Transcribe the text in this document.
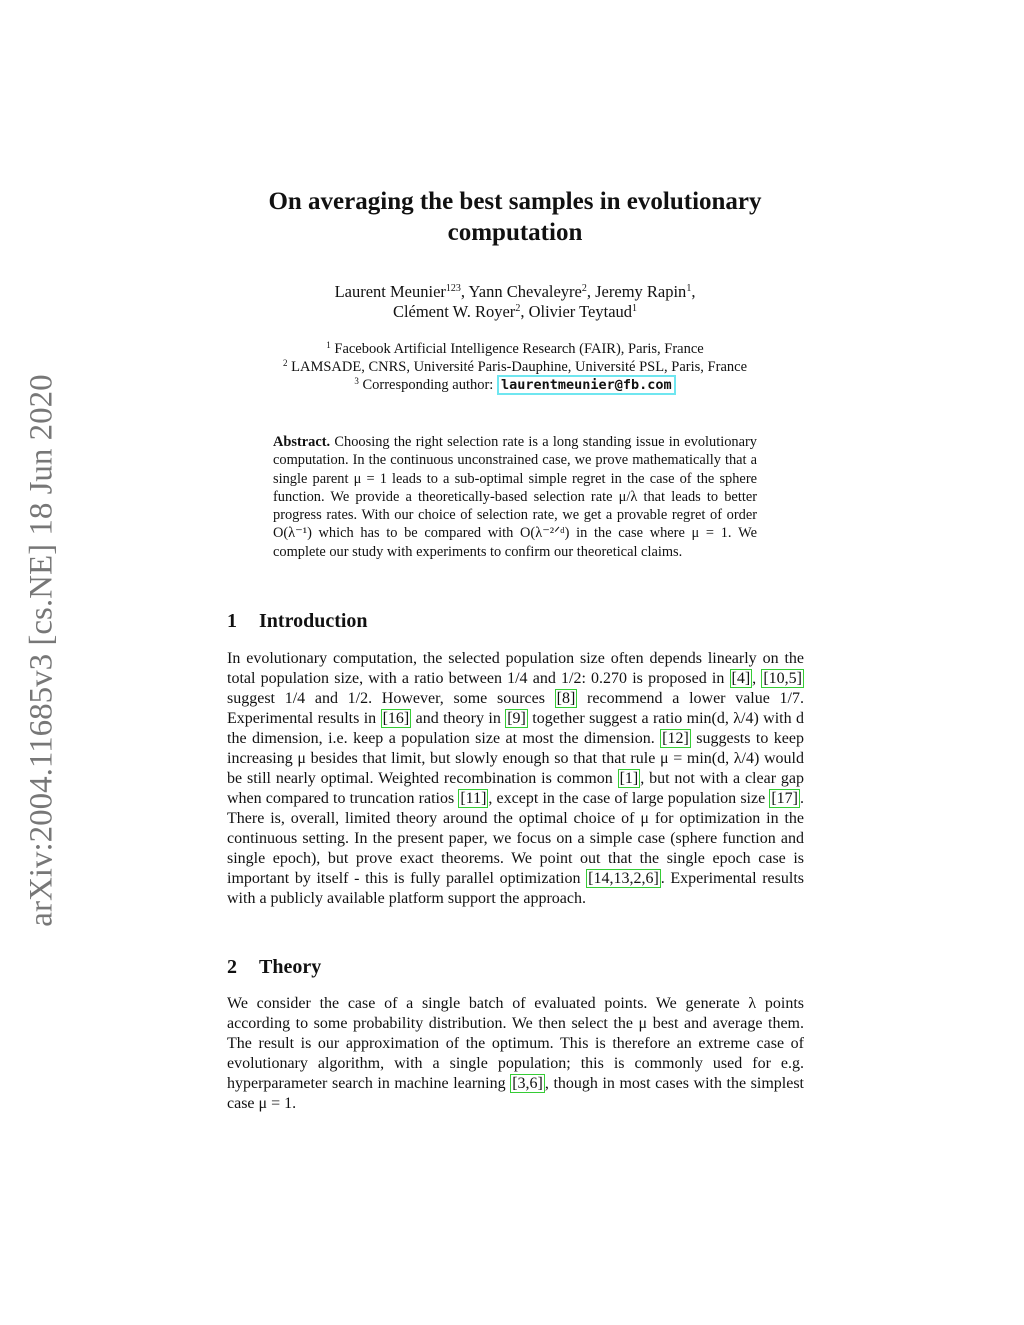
arXiv:2004.11685v3 [cs.NE] 18 Jun 2020
On averaging the best samples in evolutionary computation
Laurent Meunier$^{123}$, Yann Chevaleyre$^2$, Jeremy Rapin$^1$,
Clément W. Royer$^2$, Olivier Teytaud$^1$
$^1$ Facebook Artificial Intelligence Research (FAIR), Paris, France
$^2$ LAMSADE, CNRS, Université Paris-Dauphine, Université PSL, Paris, France
$^3$ Corresponding author: laurentmeunier@fb.com

Abstract. Choosing the right selection rate is a long standing issue in evolutionary computation. In the continuous unconstrained case, we prove mathematically that a single parent μ = 1 leads to a sub-optimal simple regret in the case of the sphere function. We provide a theoretically-based selection rate μ/λ that leads to better progress rates. With our choice of selection rate, we get a provable regret of order O(λ⁻¹) which has to be compared with O(λ⁻²ᐟᵈ) in the case where μ = 1. We complete our study with experiments to confirm our theoretical claims.

1 Introduction

In evolutionary computation, the selected population size often depends linearly on the total population size, with a ratio between 1/4 and 1/2: 0.270 is proposed in [4] , [10,5] suggest 1/4 and 1/2. However, some sources [8] recommend a lower value 1/7. Experimental results in [16] and theory in [9] together suggest a ratio min(d, λ/4) with d the dimension, i.e. keep a population size at most the dimension. [12] suggests to keep increasing μ besides that limit, but slowly enough so that that rule μ = min(d, λ/4) would be still nearly optimal. Weighted recombination is common [1] , but not with a clear gap when compared to truncation ratios [11] , except in the case of large population size [17] . There is, overall, limited theory around the optimal choice of μ for optimization in the continuous setting. In the present paper, we focus on a simple case (sphere function and single epoch), but prove exact theorems. We point out that the single epoch case is important by itself - this is fully parallel optimization [14,13,2,6] . Experimental results with a publicly available platform support the approach.

2 Theory

We consider the case of a single batch of evaluated points. We generate λ points according to some probability distribution. We then select the μ best and average them. The result is our approximation of the optimum. This is therefore an extreme case of evolutionary algorithm, with a single population; this is commonly used for e.g. hyperparameter search in machine learning [3,6] , though in most cases with the simplest case μ = 1.
